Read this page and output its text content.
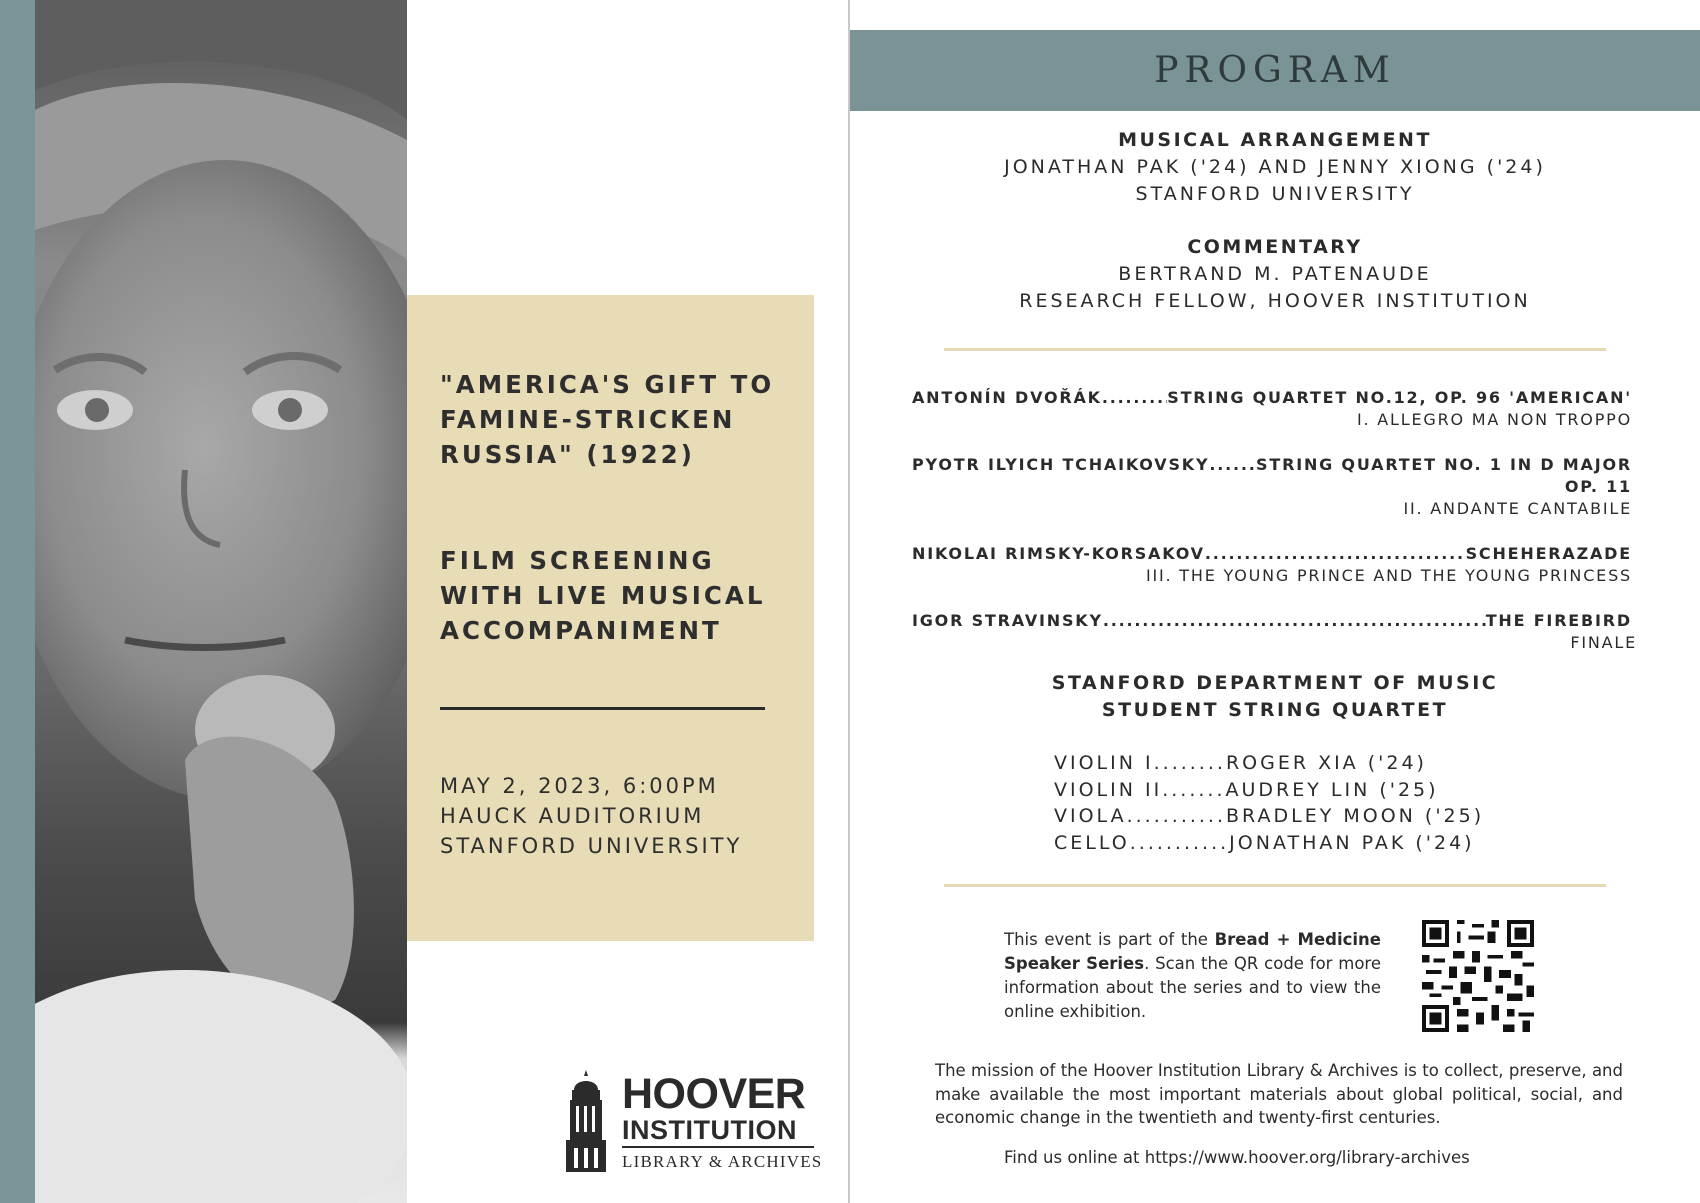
"AMERICA'S GIFT TO FAMINE-STRICKEN RUSSIA" (1922)

FILM SCREENING WITH LIVE MUSICAL ACCOMPANIMENT

MAY 2, 2023, 6:00PM
HAUCK AUDITORIUM
STANFORD UNIVERSITY
HOOVER
INSTITUTION
LIBRARY & ARCHIVES
PROGRAM
MUSICAL ARRANGEMENT
JONATHAN PAK ('24) AND JENNY XIONG ('24)
STANFORD UNIVERSITY
COMMENTARY
BERTRAND M. PATENAUDE
RESEARCH FELLOW, HOOVER INSTITUTION
ANTONÍN DVOŘÁK .....	STRING QUARTET NO.12, OP. 96 'AMERICAN'
I. ALLEGRO MA NON TROPPO
PYOTR ILYICH TCHAIKOVSKY .....	STRING QUARTET NO. 1 IN D MAJOR
OP. 11
II. ANDANTE CANTABILE
NIKOLAI RIMSKY-KORSAKOV .....	SCHEHERAZADE
III. THE YOUNG PRINCE AND THE YOUNG PRINCESS
IGOR STRAVINSKY .....	THE FIREBIRD
FINALE
STANFORD DEPARTMENT OF MUSIC
STUDENT STRING QUARTET
VIOLIN I ........ ROGER XIA ('24)
VIOLIN II ....... AUDREY LIN ('25)
VIOLA ........... BRADLEY MOON ('25)
CELLO ........... JONATHAN PAK ('24)
This event is part of the Bread + Medicine Speaker Series. Scan the QR code for more information about the series and to view the online exhibition.
The mission of the Hoover Institution Library & Archives is to collect, preserve, and make available the most important materials about global political, social, and economic change in the twentieth and twenty-first centuries.
Find us online at https://www.hoover.org/library-archives
